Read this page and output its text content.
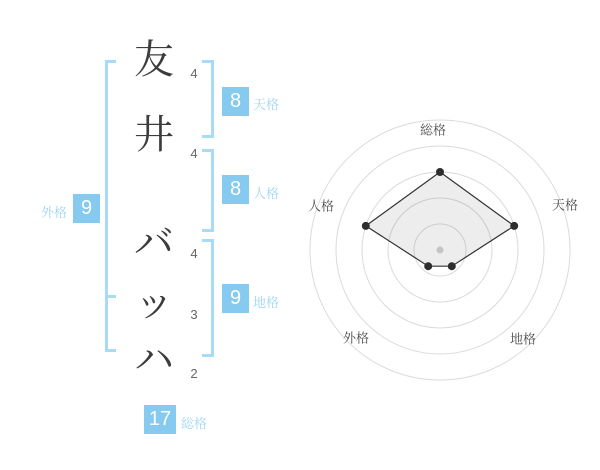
友
井
バ
ッ
ハ
4
4
4
3
2
8
8
9
9
17
天格
人格
地格
外格
総格
総格
天格
地格
外格
人格
